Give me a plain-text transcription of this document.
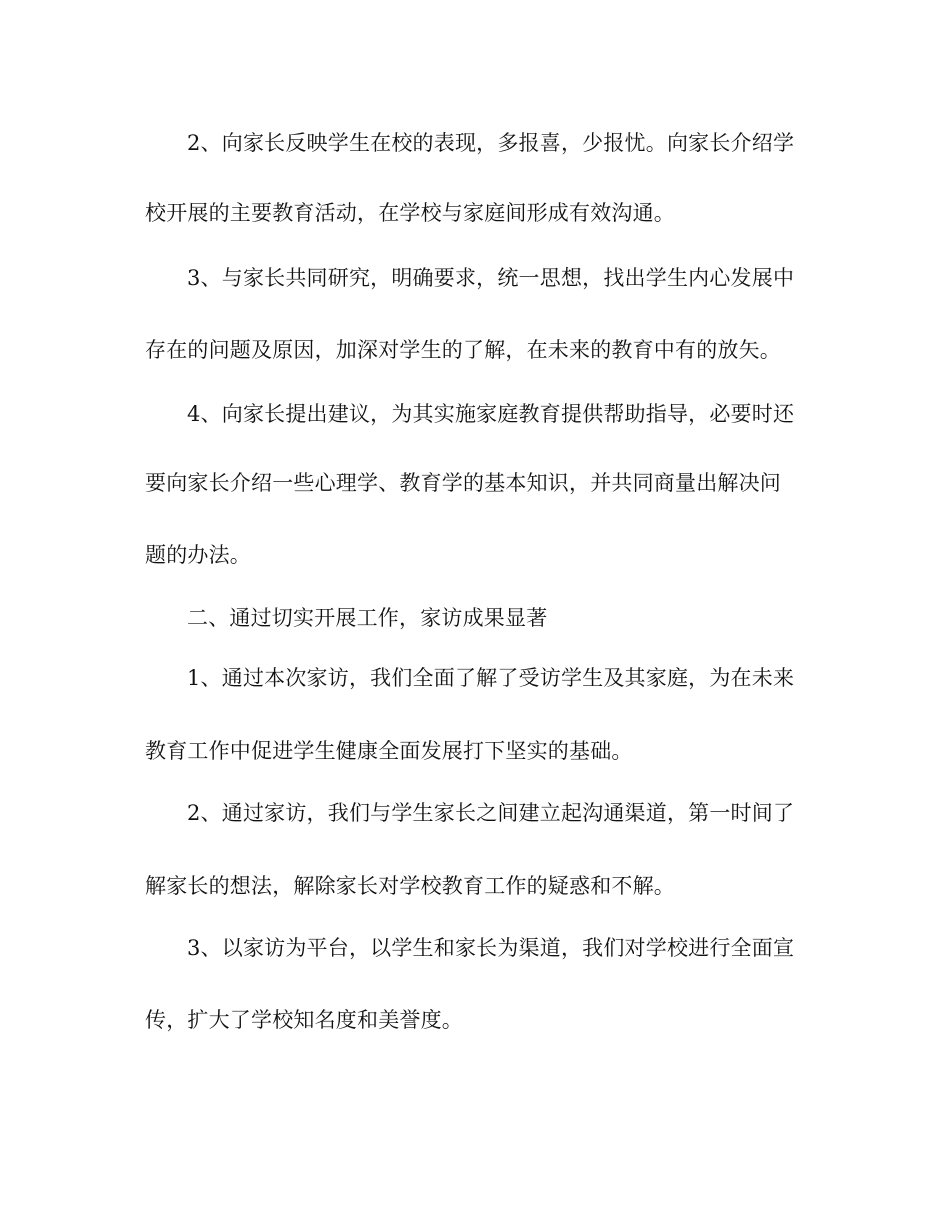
2、向家长反映学生在校的表现，多报喜，少报忧。向家长介绍学
校开展的主要教育活动，在学校与家庭间形成有效沟通。
3、与家长共同研究，明确要求，统一思想，找出学生内心发展中
存在的问题及原因，加深对学生的了解，在未来的教育中有的放矢。
4、向家长提出建议，为其实施家庭教育提供帮助指导，必要时还
要向家长介绍一些心理学、教育学的基本知识，并共同商量出解决问
题的办法。
二、通过切实开展工作，家访成果显著
1、通过本次家访，我们全面了解了受访学生及其家庭，为在未来
教育工作中促进学生健康全面发展打下坚实的基础。
2、通过家访，我们与学生家长之间建立起沟通渠道，第一时间了
解家长的想法，解除家长对学校教育工作的疑惑和不解。
3、以家访为平台，以学生和家长为渠道，我们对学校进行全面宣
传，扩大了学校知名度和美誉度。
